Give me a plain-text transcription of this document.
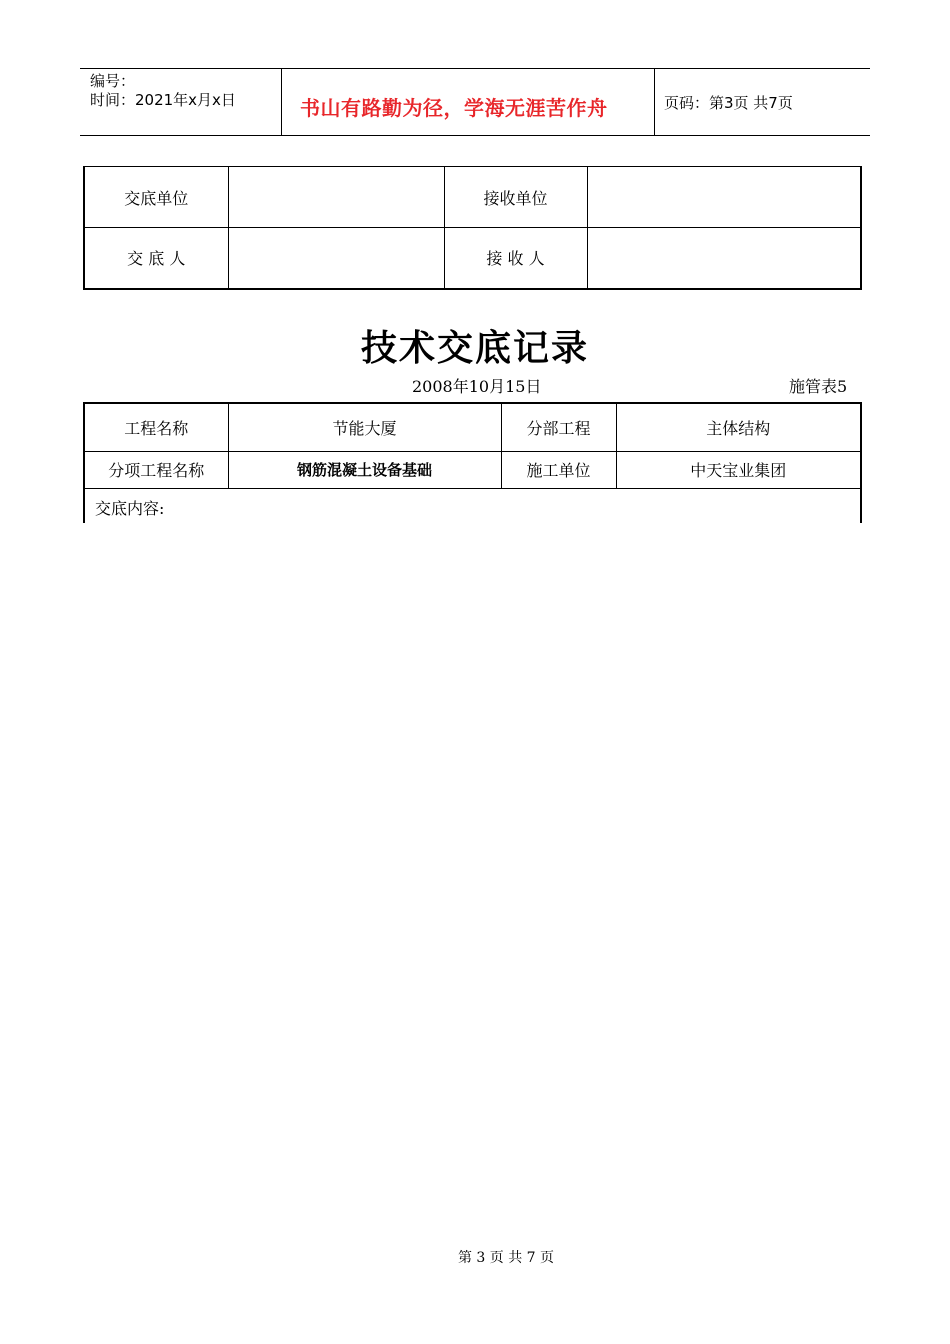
编号：
时间：2021年x月x日	书山有路勤为径，学海无涯苦作舟	页码：第3页 共7页
交底单位		接收单位	
交 底 人		接 收 人	
技术交底记录
2008年10月15日	施管表5
工程名称	节能大厦	分部工程	主体结构
分项工程名称	钢筋混凝土设备基础	施工单位	中天宝业集团
交底内容:
第 3 页 共 7 页
